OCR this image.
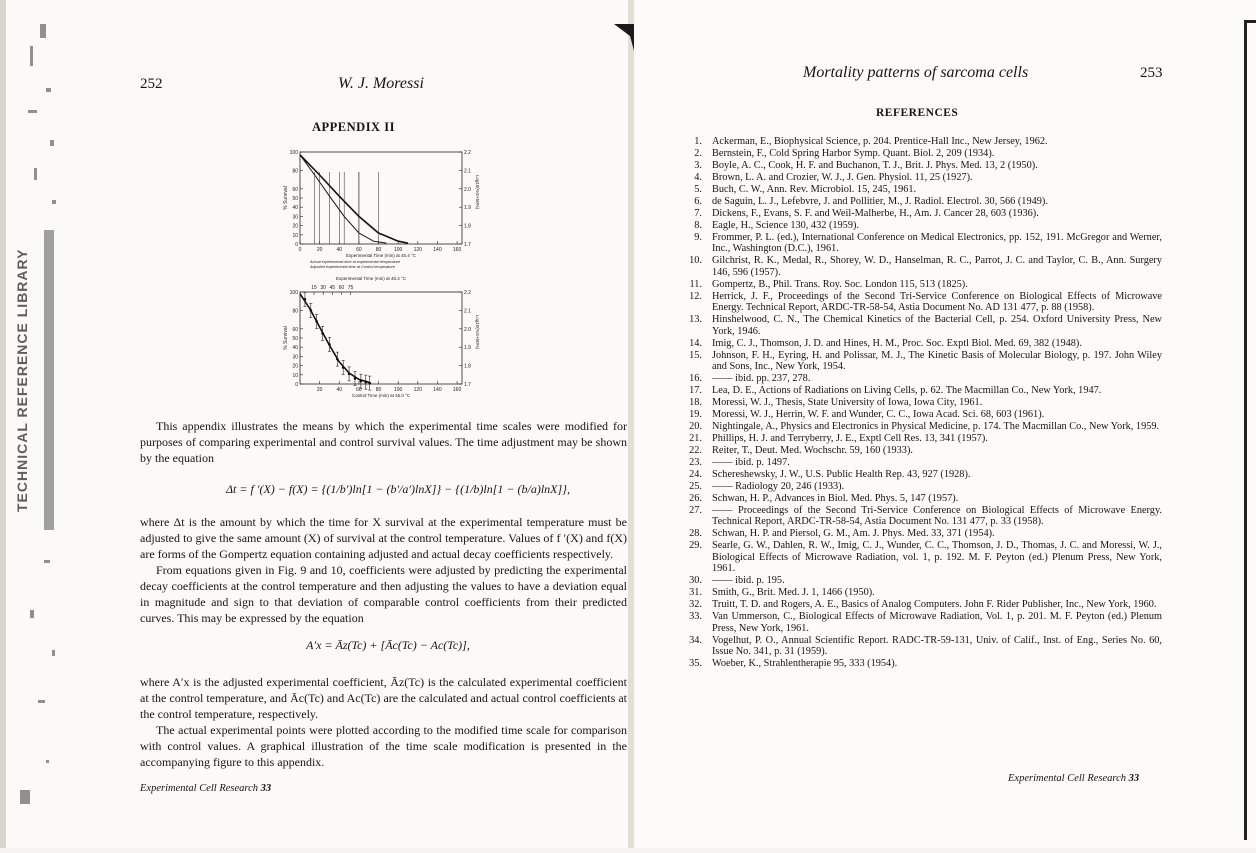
TECHNICAL REFERENCE LIBRARY
252	W. J. Moressi
APPENDIX II
100
80
60
50
40
30
20
10
0
2.2
2.1
2.0
1.9
1.8
1.7
0	20	40	60	80	100 120 140 160
Experimental Time (min) at 45.4 °C
% Survival	Log10(%S+50%)
Actual experimental time at experimental temperature
Adjusted experimental time at Control temperature
100
80
60
50
40
30
20
10
0
2.2
2.1
2.0
1.9
1.8
1.7
20	40	60	80	100 120 140 160
Control Time (min) at 45.0 °C
% Survival	Log10(%S+50%)
Experimental Time (min) at 45.4 °C
15 30 45 60 75

This appendix illustrates the means by which the experimental time scales were modified for purposes of comparing experimental and control survival values. The time adjustment may be shown by the equation

Δt = f ′(X) − f(X) = {(1/b′)ln[1 − (b′/a′)lnX]} − {(1/b)ln[1 − (b/a)lnX]},

where Δt is the amount by which the time for X survival at the experimental temperature must be adjusted to give the same amount (X) of survival at the control temperature. Values of f ′(X) and f(X) are forms of the Gompertz equation containing adjusted and actual decay coefficients respectively.

From equations given in Fig. 9 and 10, coefficients were adjusted by predicting the experimental decay coefficients at the control temperature and then adjusting the values to have a deviation equal in magnitude and sign to that deviation of comparable control coefficients from their predicted curves. This may be expressed by the equation

A′x = Āz(Tc) + [Āc(Tc) − Ac(Tc)],

where A′x is the adjusted experimental coefficient, Āz(Tc) is the calculated experimental coefficient at the control temperature, and Āc(Tc) and Ac(Tc) are the calculated and actual control coefficients at the control temperature, respectively.

The actual experimental points were plotted according to the modified time scale for comparison with control values. A graphical illustration of the time scale modification is presented in the accompanying figure to this appendix.

Experimental Cell Research 33
Mortality patterns of sarcoma cells	253
REFERENCES

1. Ackerman, E., Biophysical Science, p. 204. Prentice-Hall Inc., New Jersey, 1962.

2. Bernstein, F., Cold Spring Harbor Symp. Quant. Biol. 2, 209 (1934).

3. Boyle, A. C., Cook, H. F. and Buchanon, T. J., Brit. J. Phys. Med. 13, 2 (1950).

4. Brown, L. A. and Crozier, W. J., J. Gen. Physiol. 11, 25 (1927).

5. Buch, C. W., Ann. Rev. Microbiol. 15, 245, 1961.

6. de Saguin, L. J., Lefebvre, J. and Pollitier, M., J. Radiol. Electrol. 30, 566 (1949).

7. Dickens, F., Evans, S. F. and Weil-Malherbe, H., Am. J. Cancer 28, 603 (1936).

8. Eagle, H., Science 130, 432 (1959).

9. Frommer, P. L. (ed.), International Conference on Medical Electronics, pp. 152, 191. McGregor and Werner, Inc., Washington (D.C.), 1961.

10. Gilchrist, R. K., Medal, R., Shorey, W. D., Hanselman, R. C., Parrot, J. C. and Taylor, C. B., Ann. Surgery 146, 596 (1957).

11. Gompertz, B., Phil. Trans. Roy. Soc. London 115, 513 (1825).

12. Herrick, J. F., Proceedings of the Second Tri-Service Conference on Biological Effects of Microwave Energy. Technical Report, ARDC-TR-58-54, Astia Document No. AD 131 477, p. 88 (1958).

13. Hinshelwood, C. N., The Chemical Kinetics of the Bacterial Cell, p. 254. Oxford University Press, New York, 1946.

14. Imig, C. J., Thomson, J. D. and Hines, H. M., Proc. Soc. Exptl Biol. Med. 69, 382 (1948).

15. Johnson, F. H., Eyring, H. and Polissar, M. J., The Kinetic Basis of Molecular Biology, p. 197. John Wiley and Sons, Inc., New York, 1954.

16. —— ibid. pp. 237, 278.

17. Lea, D. E., Actions of Radiations on Living Cells, p. 62. The Macmillan Co., New York, 1947.

18. Moressi, W. J., Thesis, State University of Iowa, Iowa City, 1961.

19. Moressi, W. J., Herrin, W. F. and Wunder, C. C., Iowa Acad. Sci. 68, 603 (1961).

20. Nightingale, A., Physics and Electronics in Physical Medicine, p. 174. The Macmillan Co., New York, 1959.

21. Phillips, H. J. and Terryberry, J. E., Exptl Cell Res. 13, 341 (1957).

22. Reiter, T., Deut. Med. Wochschr. 59, 160 (1933).

23. —— ibid. p. 1497.

24. Schereshewsky, J. W., U.S. Public Health Rep. 43, 927 (1928).

25. —— Radiology 20, 246 (1933).

26. Schwan, H. P., Advances in Biol. Med. Phys. 5, 147 (1957).

27. —— Proceedings of the Second Tri-Service Conference on Biological Effects of Microwave Energy. Technical Report, ARDC-TR-58-54, Astia Document No. 131 477, p. 33 (1958).

28. Schwan, H. P. and Piersol, G. M., Am. J. Phys. Med. 33, 371 (1954).

29. Searle, G. W., Dahlen, R. W., Imig, C. J., Wunder, C. C., Thomson, J. D., Thomas, J. C. and Moressi, W. J., Biological Effects of Microwave Radiation, vol. 1, p. 192. M. F. Peyton (ed.) Plenum Press, New York, 1961.

30. —— ibid. p. 195.

31. Smith, G., Brit. Med. J. 1, 1466 (1950).

32. Truitt, T. D. and Rogers, A. E., Basics of Analog Computers. John F. Rider Publisher, Inc., New York, 1960.

33. Van Ummerson, C., Biological Effects of Microwave Radiation, Vol. 1, p. 201. M. F. Peyton (ed.) Plenum Press, New York, 1961.

34. Vogelhut, P. O., Annual Scientific Report. RADC-TR-59-131, Univ. of Calif., Inst. of Eng., Series No. 60, Issue No. 341, p. 31 (1959).

35. Woeber, K., Strahlentherapie 95, 333 (1954).

Experimental Cell Research 33
